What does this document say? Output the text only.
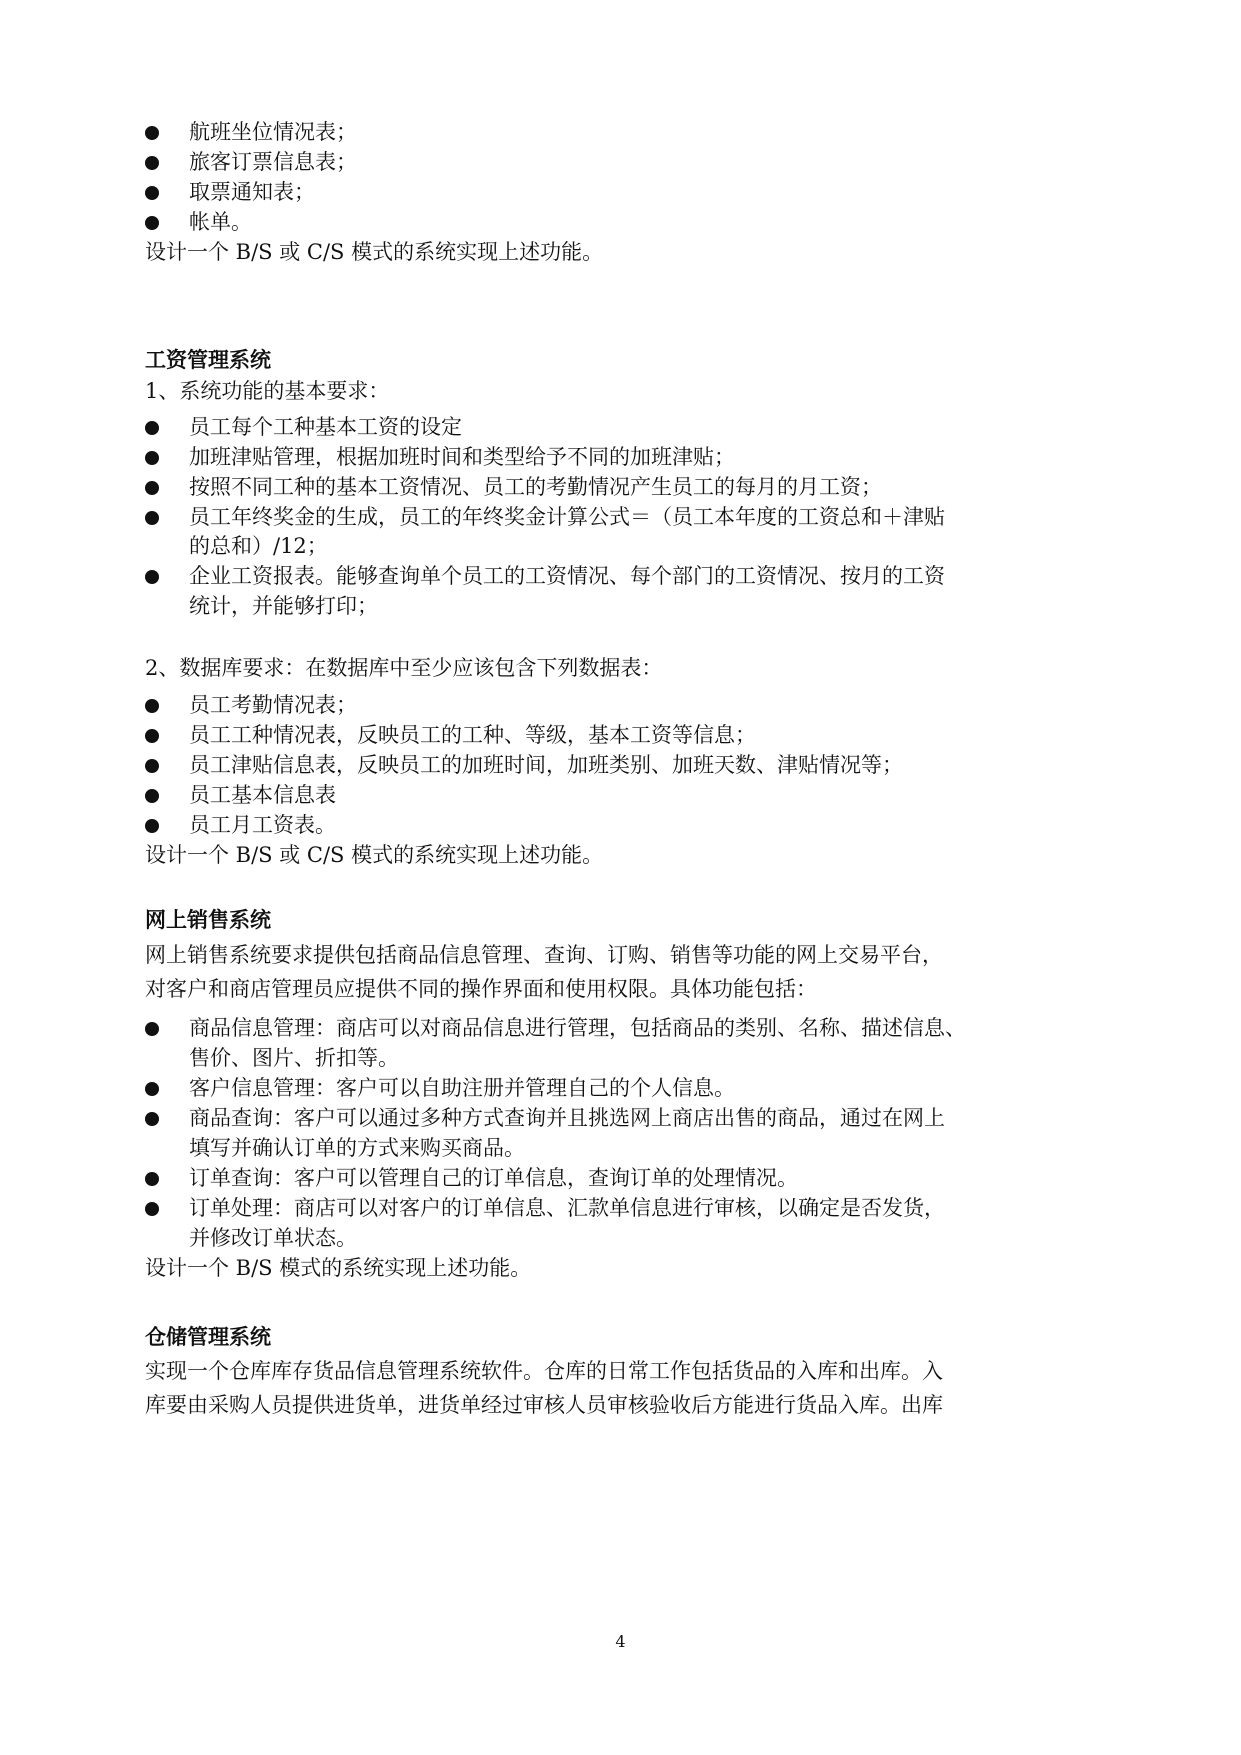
航班坐位情况表；
旅客订票信息表；
取票通知表；
帐单。
设计一个 B/S 或 C/S 模式的系统实现上述功能。
工资管理系统
1、系统功能的基本要求：
员工每个工种基本工资的设定
加班津贴管理，根据加班时间和类型给予不同的加班津贴；
按照不同工种的基本工资情况、员工的考勤情况产生员工的每月的月工资；
员工年终奖金的生成，员工的年终奖金计算公式＝（员工本年度的工资总和＋津贴
的总和）/12；
企业工资报表。能够查询单个员工的工资情况、每个部门的工资情况、按月的工资
统计，并能够打印；
2、数据库要求：在数据库中至少应该包含下列数据表：
员工考勤情况表；
员工工种情况表，反映员工的工种、等级，基本工资等信息；
员工津贴信息表，反映员工的加班时间，加班类别、加班天数、津贴情况等；
员工基本信息表
员工月工资表。
设计一个 B/S 或 C/S 模式的系统实现上述功能。
网上销售系统
网上销售系统要求提供包括商品信息管理、查询、订购、销售等功能的网上交易平台，
对客户和商店管理员应提供不同的操作界面和使用权限。具体功能包括：
商品信息管理：商店可以对商品信息进行管理，包括商品的类别、名称、描述信息、
售价、图片、折扣等。
客户信息管理：客户可以自助注册并管理自己的个人信息。
商品查询：客户可以通过多种方式查询并且挑选网上商店出售的商品，通过在网上
填写并确认订单的方式来购买商品。
订单查询：客户可以管理自己的订单信息，查询订单的处理情况。
订单处理：商店可以对客户的订单信息、汇款单信息进行审核，以确定是否发货，
并修改订单状态。
设计一个 B/S 模式的系统实现上述功能。
仓储管理系统
实现一个仓库库存货品信息管理系统软件。仓库的日常工作包括货品的入库和出库。入
库要由采购人员提供进货单，进货单经过审核人员审核验收后方能进行货品入库。出库
4
